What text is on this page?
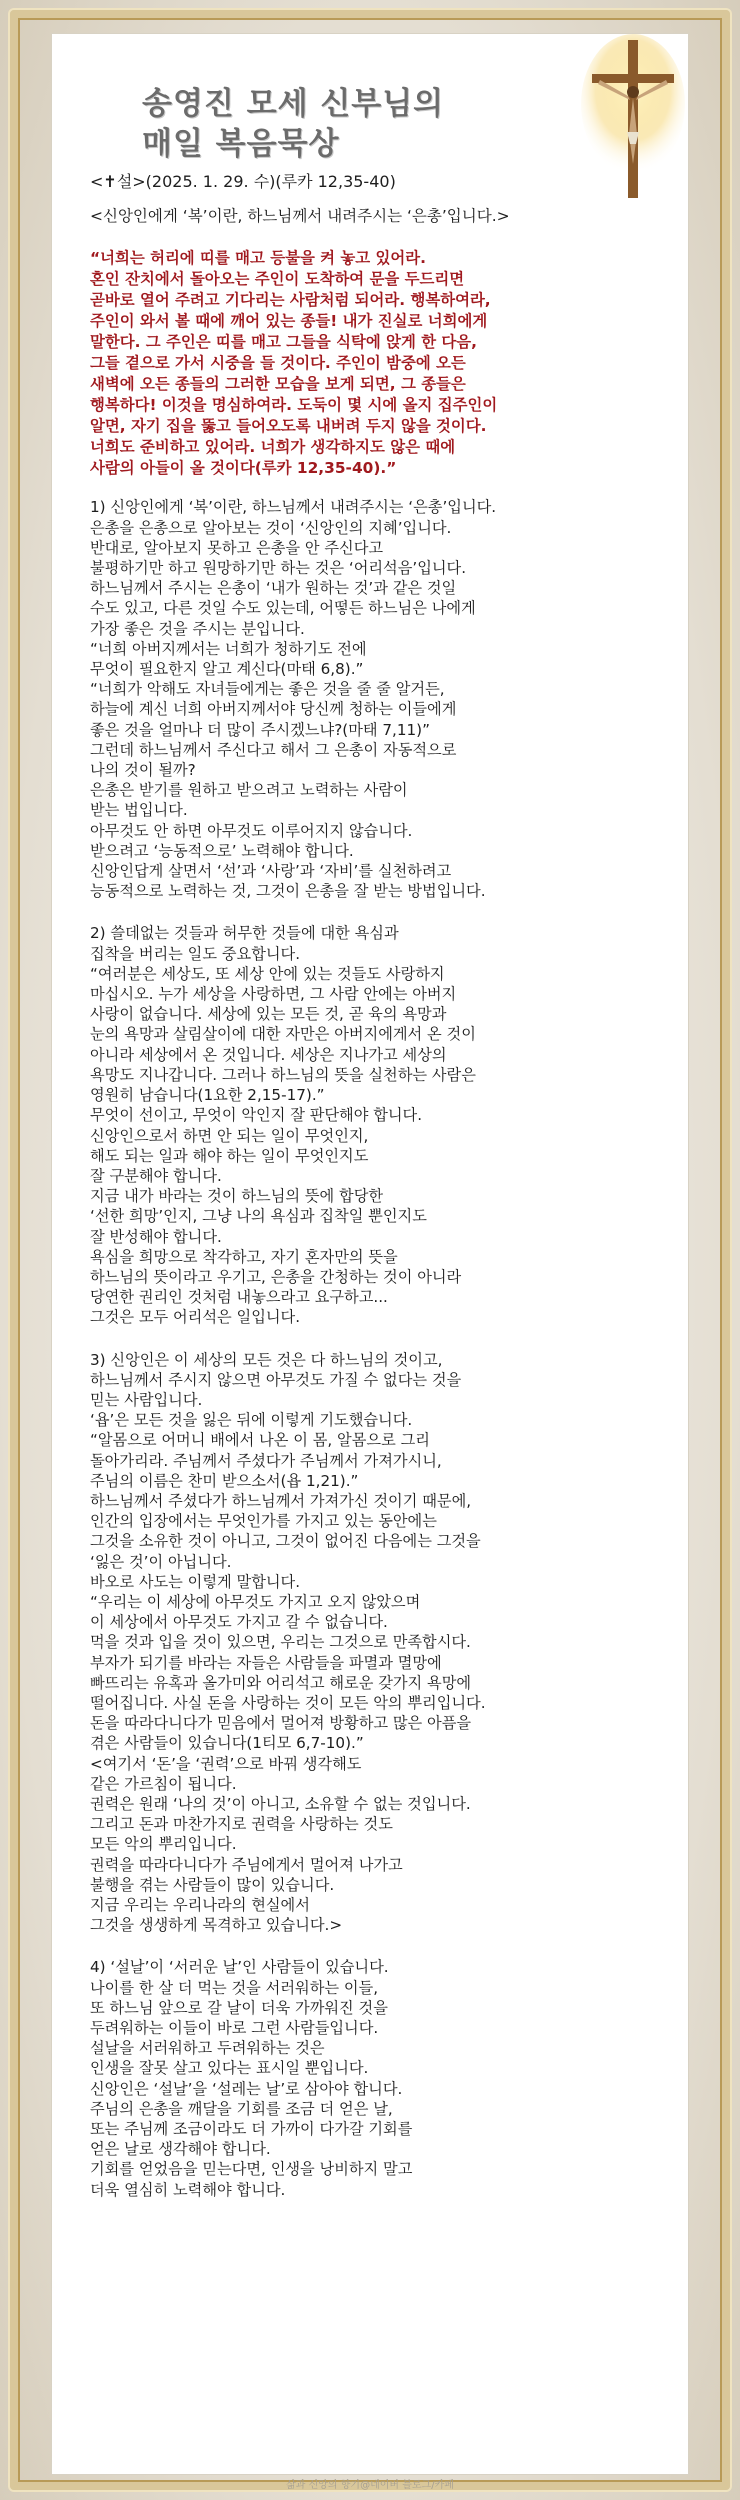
송영진 모세 신부님의
매일 복음묵상
<✝설>(2025. 1. 29. 수)(루카 12,35-40)
<신앙인에게 ‘복’이란, 하느님께서 내려주시는 ‘은총’입니다.>
“너희는 허리에 띠를 매고 등불을 켜 놓고 있어라.
혼인 잔치에서 돌아오는 주인이 도착하여 문을 두드리면
곧바로 열어 주려고 기다리는 사람처럼 되어라. 행복하여라,
주인이 와서 볼 때에 깨어 있는 종들! 내가 진실로 너희에게
말한다. 그 주인은 띠를 매고 그들을 식탁에 앉게 한 다음,
그들 곁으로 가서 시중을 들 것이다. 주인이 밤중에 오든
새벽에 오든 종들의 그러한 모습을 보게 되면, 그 종들은
행복하다! 이것을 명심하여라. 도둑이 몇 시에 올지 집주인이
알면, 자기 집을 뚫고 들어오도록 내버려 두지 않을 것이다.
너희도 준비하고 있어라. 너희가 생각하지도 않은 때에
사람의 아들이 올 것이다(루카 12,35-40).”
1) 신앙인에게 ‘복’이란, 하느님께서 내려주시는 ‘은총’입니다.
은총을 은총으로 알아보는 것이 ‘신앙인의 지혜’입니다.
반대로, 알아보지 못하고 은총을 안 주신다고
불평하기만 하고 원망하기만 하는 것은 ‘어리석음’입니다.
하느님께서 주시는 은총이 ‘내가 원하는 것’과 같은 것일
수도 있고, 다른 것일 수도 있는데, 어떻든 하느님은 나에게
가장 좋은 것을 주시는 분입니다.
“너희 아버지께서는 너희가 청하기도 전에
무엇이 필요한지 알고 계신다(마태 6,8).”
“너희가 악해도 자녀들에게는 좋은 것을 줄 줄 알거든,
하늘에 계신 너희 아버지께서야 당신께 청하는 이들에게
좋은 것을 얼마나 더 많이 주시겠느냐?(마태 7,11)”
그런데 하느님께서 주신다고 해서 그 은총이 자동적으로
나의 것이 될까?
은총은 받기를 원하고 받으려고 노력하는 사람이
받는 법입니다.
아무것도 안 하면 아무것도 이루어지지 않습니다.
받으려고 ‘능동적으로’ 노력해야 합니다.
신앙인답게 살면서 ‘선’과 ‘사랑’과 ‘자비’를 실천하려고
능동적으로 노력하는 것, 그것이 은총을 잘 받는 방법입니다.
2) 쓸데없는 것들과 허무한 것들에 대한 욕심과
집착을 버리는 일도 중요합니다.
“여러분은 세상도, 또 세상 안에 있는 것들도 사랑하지
마십시오. 누가 세상을 사랑하면, 그 사람 안에는 아버지
사랑이 없습니다. 세상에 있는 모든 것, 곧 육의 욕망과
눈의 욕망과 살림살이에 대한 자만은 아버지에게서 온 것이
아니라 세상에서 온 것입니다. 세상은 지나가고 세상의
욕망도 지나갑니다. 그러나 하느님의 뜻을 실천하는 사람은
영원히 남습니다(1요한 2,15-17).”
무엇이 선이고, 무엇이 악인지 잘 판단해야 합니다.
신앙인으로서 하면 안 되는 일이 무엇인지,
해도 되는 일과 해야 하는 일이 무엇인지도
잘 구분해야 합니다.
지금 내가 바라는 것이 하느님의 뜻에 합당한
‘선한 희망’인지, 그냥 나의 욕심과 집착일 뿐인지도
잘 반성해야 합니다.
욕심을 희망으로 착각하고, 자기 혼자만의 뜻을
하느님의 뜻이라고 우기고, 은총을 간청하는 것이 아니라
당연한 권리인 것처럼 내놓으라고 요구하고...
그것은 모두 어리석은 일입니다.
3) 신앙인은 이 세상의 모든 것은 다 하느님의 것이고,
하느님께서 주시지 않으면 아무것도 가질 수 없다는 것을
믿는 사람입니다.
‘욥’은 모든 것을 잃은 뒤에 이렇게 기도했습니다.
“알몸으로 어머니 배에서 나온 이 몸, 알몸으로 그리
돌아가리라. 주님께서 주셨다가 주님께서 가져가시니,
주님의 이름은 찬미 받으소서(욥 1,21).”
하느님께서 주셨다가 하느님께서 가져가신 것이기 때문에,
인간의 입장에서는 무엇인가를 가지고 있는 동안에는
그것을 소유한 것이 아니고, 그것이 없어진 다음에는 그것을
‘잃은 것’이 아닙니다.
바오로 사도는 이렇게 말합니다.
“우리는 이 세상에 아무것도 가지고 오지 않았으며
이 세상에서 아무것도 가지고 갈 수 없습니다.
먹을 것과 입을 것이 있으면, 우리는 그것으로 만족합시다.
부자가 되기를 바라는 자들은 사람들을 파멸과 멸망에
빠뜨리는 유혹과 올가미와 어리석고 해로운 갖가지 욕망에
떨어집니다. 사실 돈을 사랑하는 것이 모든 악의 뿌리입니다.
돈을 따라다니다가 믿음에서 멀어져 방황하고 많은 아픔을
겪은 사람들이 있습니다(1티모 6,7-10).”
<여기서 ‘돈’을 ‘권력’으로 바꿔 생각해도
같은 가르침이 됩니다.
권력은 원래 ‘나의 것’이 아니고, 소유할 수 없는 것입니다.
그리고 돈과 마찬가지로 권력을 사랑하는 것도
모든 악의 뿌리입니다.
권력을 따라다니다가 주님에게서 멀어져 나가고
불행을 겪는 사람들이 많이 있습니다.
지금 우리는 우리나라의 현실에서
그것을 생생하게 목격하고 있습니다.>
4) ‘설날’이 ‘서러운 날’인 사람들이 있습니다.
나이를 한 살 더 먹는 것을 서러워하는 이들,
또 하느님 앞으로 갈 날이 더욱 가까워진 것을
두려워하는 이들이 바로 그런 사람들입니다.
설날을 서러워하고 두려워하는 것은
인생을 잘못 살고 있다는 표시일 뿐입니다.
신앙인은 ‘설날’을 ‘설레는 날’로 삼아야 합니다.
주님의 은총을 깨달을 기회를 조금 더 얻은 날,
또는 주님께 조금이라도 더 가까이 다가갈 기회를
얻은 날로 생각해야 합니다.
기회를 얻었음을 믿는다면, 인생을 낭비하지 말고
더욱 열심히 노력해야 합니다.
삶과 신앙의 향기@네이버 블로그/카페
